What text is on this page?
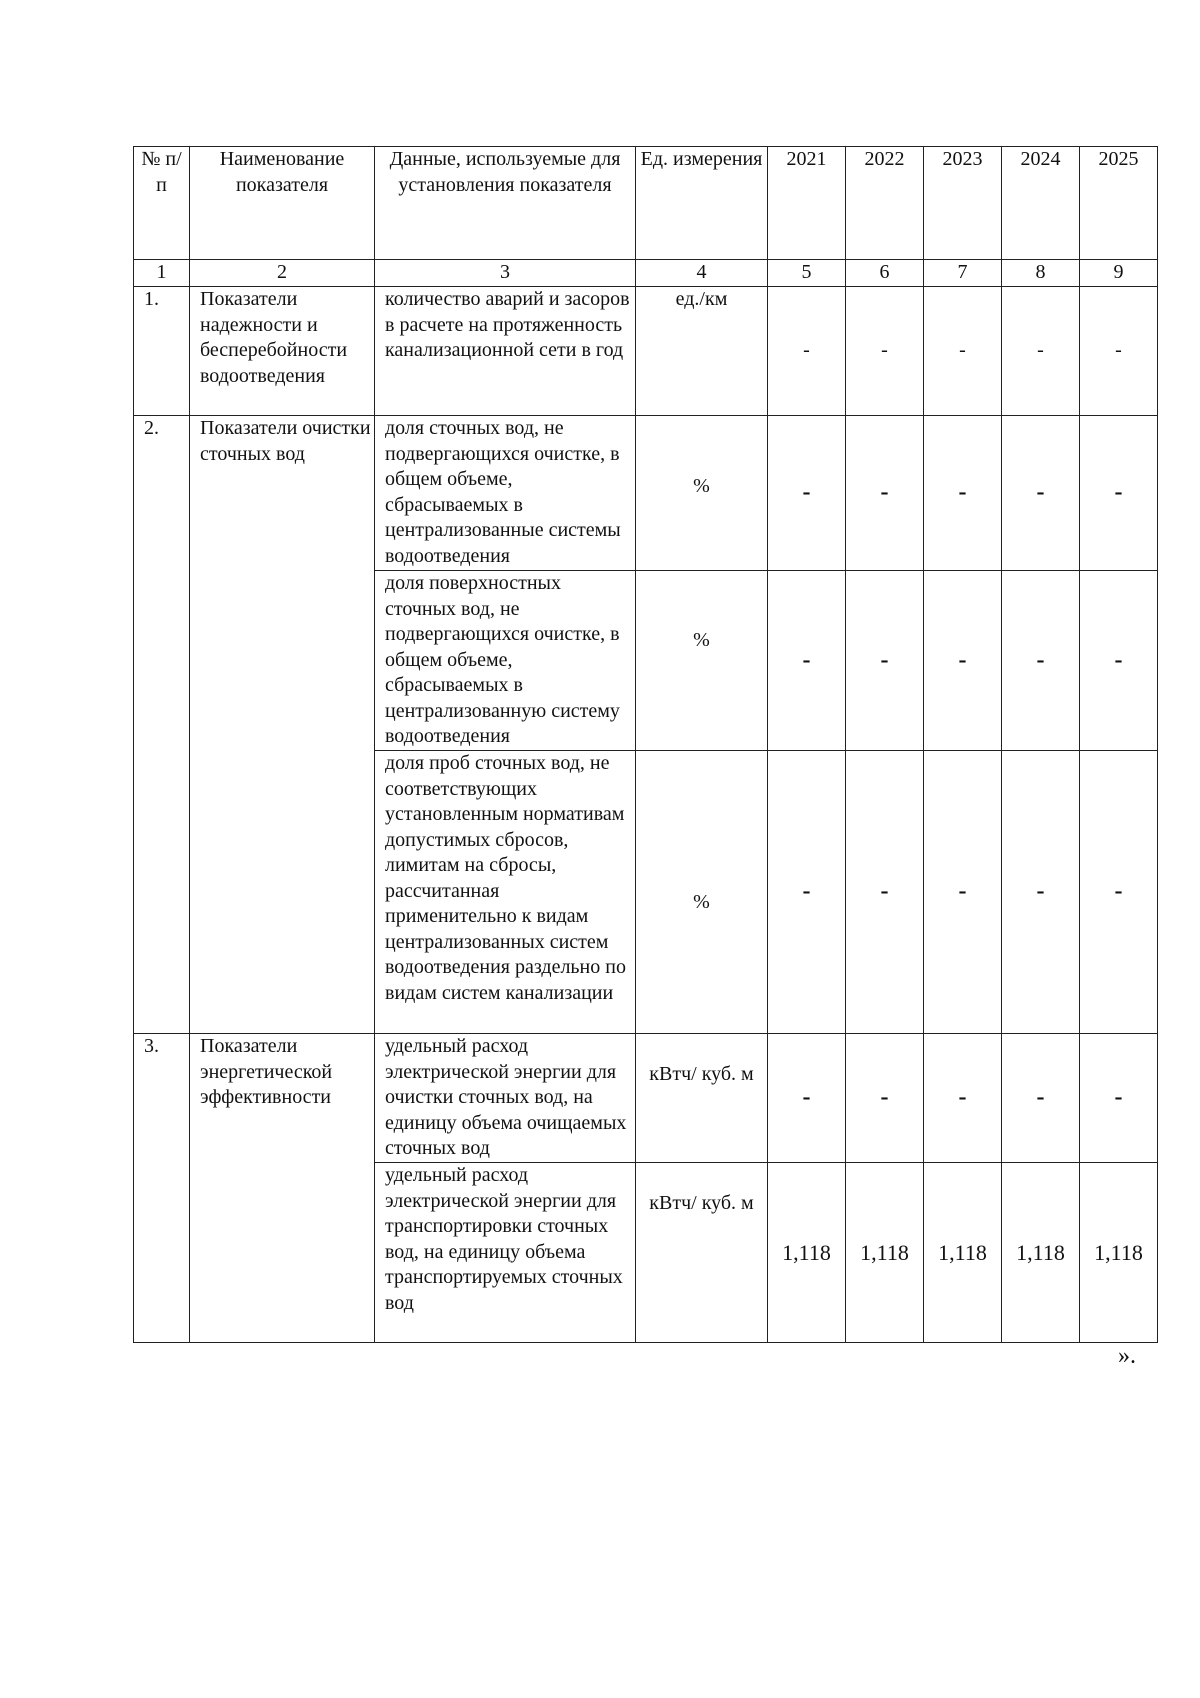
№ п/п	Наименование показателя	Данные, используемые для установления показателя	Ед. измерения	2021	2022	2023	2024	2025
1	2	3	4	5	6	7	8	9
1.	Показатели надежности и бесперебойности водоотведения	количество аварий и засоров в расчете на протяженность канализационной сети в год	ед./км	-	-	-	-	-
2.	Показатели очистки сточных вод	доля сточных вод, не подвергающихся очистке, в общем объеме, сбрасываемых в централизованные системы водоотведения	%	-	-	-	-	-
		доля поверхностных сточных вод, не подвергающихся очистке, в общем объеме, сбрасываемых в централизованную систему водоотведения	%	-	-	-	-	-
		доля проб сточных вод, не соответствующих установленным нормативам допустимых сбросов, лимитам на сбросы, рассчитанная применительно к видам централизованных систем водоотведения раздельно по видам систем канализации	%	-	-	-	-	-
3.	Показатели энергетической эффективности	удельный расход электрической энергии для очистки сточных вод, на единицу объема очищаемых сточных вод	кВтч/ куб. м	-	-	-	-	-
		удельный расход электрической энергии для транспортировки сточных вод, на единицу объема транспортируемых сточных вод	кВтч/ куб. м	1,118	1,118	1,118	1,118	1,118
».
